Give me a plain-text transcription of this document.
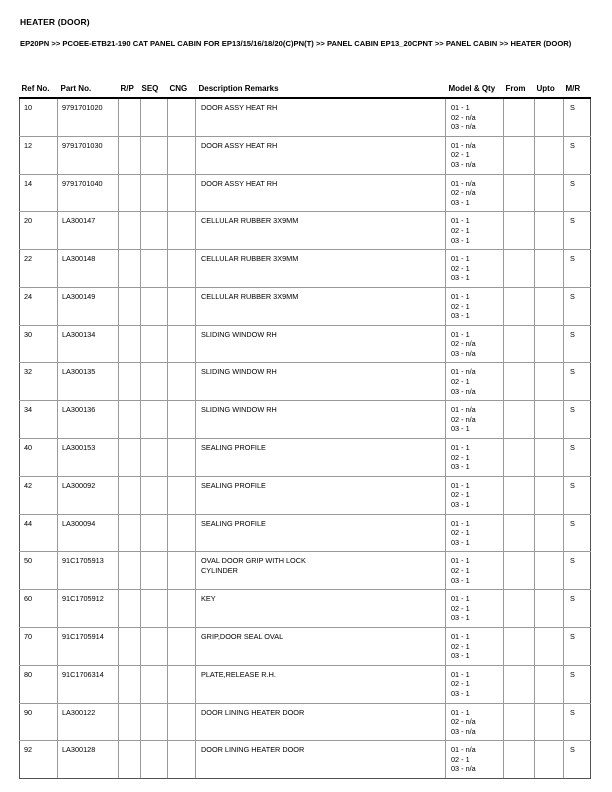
HEATER (DOOR)
EP20PN >> PCOEE-ETB21-190 CAT PANEL CABIN FOR EP13/15/16/18/20(C)PN(T) >> PANEL CABIN EP13_20CPNT >> PANEL CABIN >> HEATER (DOOR)
Ref No.	Part No.	R/P	SEQ	CNG	Description Remarks	Model & Qty	From	Upto	M/R
10	9791701020				DOOR ASSY HEAT RH	01 - 1
02 - n/a
03 - n/a			S
12	9791701030				DOOR ASSY HEAT RH	01 - n/a
02 - 1
03 - n/a			S
14	9791701040				DOOR ASSY HEAT RH	01 - n/a
02 - n/a
03 - 1			S
20	LA300147				CELLULAR RUBBER 3X9MM	01 - 1
02 - 1
03 - 1			S
22	LA300148				CELLULAR RUBBER 3X9MM	01 - 1
02 - 1
03 - 1			S
24	LA300149				CELLULAR RUBBER 3X9MM	01 - 1
02 - 1
03 - 1			S
30	LA300134				SLIDING WINDOW RH	01 - 1
02 - n/a
03 - n/a			S
32	LA300135				SLIDING WINDOW RH	01 - n/a
02 - 1
03 - n/a			S
34	LA300136				SLIDING WINDOW RH	01 - n/a
02 - n/a
03 - 1			S
40	LA300153				SEALING PROFILE	01 - 1
02 - 1
03 - 1			S
42	LA300092				SEALING PROFILE	01 - 1
02 - 1
03 - 1			S
44	LA300094				SEALING PROFILE	01 - 1
02 - 1
03 - 1			S
50	91C1705913				OVAL DOOR GRIP WITH LOCK
CYLINDER	01 - 1
02 - 1
03 - 1			S
60	91C1705912				KEY	01 - 1
02 - 1
03 - 1			S
70	91C1705914				GRIP,DOOR SEAL OVAL	01 - 1
02 - 1
03 - 1			S
80	91C1706314				PLATE,RELEASE R.H.	01 - 1
02 - 1
03 - 1			S
90	LA300122				DOOR LINING HEATER DOOR	01 - 1
02 - n/a
03 - n/a			S
92	LA300128				DOOR LINING HEATER DOOR	01 - n/a
02 - 1
03 - n/a			S
